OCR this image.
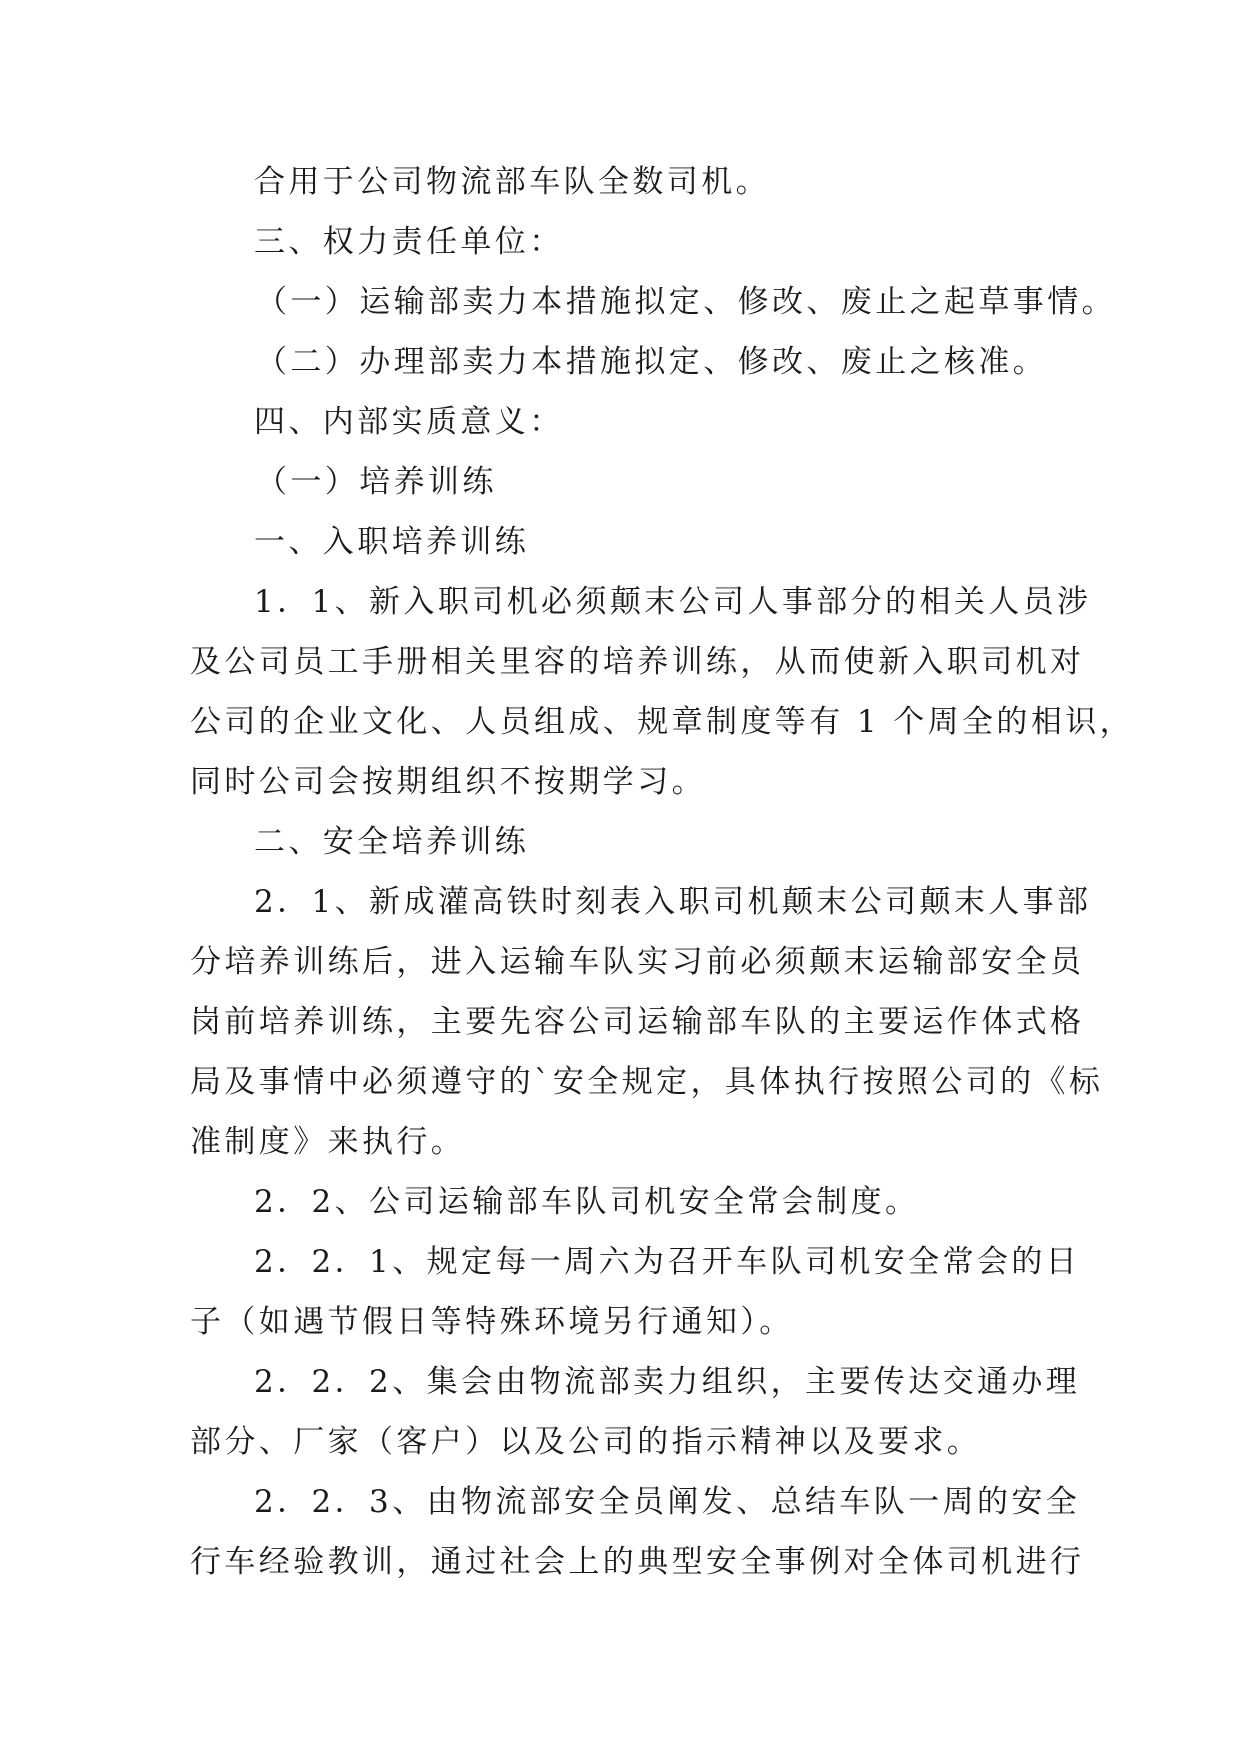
合用于公司物流部车队全数司机。
三、权力责任单位：
（一）运输部卖力本措施拟定、修改、废止之起草事情。
（二）办理部卖力本措施拟定、修改、废止之核准。
四、内部实质意义：
（一）培养训练
一、入职培养训练
1．1、新入职司机必须颠末公司人事部分的相关人员涉
及公司员工手册相关里容的培养训练，从而使新入职司机对
公司的企业文化、人员组成、规章制度等有 1 个周全的相识，
同时公司会按期组织不按期学习。
二、安全培养训练
2．1、新成灌高铁时刻表入职司机颠末公司颠末人事部
分培养训练后，进入运输车队实习前必须颠末运输部安全员
岗前培养训练，主要先容公司运输部车队的主要运作体式格
局及事情中必须遵守的`安全规定，具体执行按照公司的《标
准制度》来执行。
2．2、公司运输部车队司机安全常会制度。
2．2．1、规定每一周六为召开车队司机安全常会的日
子（如遇节假日等特殊环境另行通知）。
2．2．2、集会由物流部卖力组织，主要传达交通办理
部分、厂家（客户）以及公司的指示精神以及要求。
2．2．3、由物流部安全员阐发、总结车队一周的安全
行车经验教训，通过社会上的典型安全事例对全体司机进行
